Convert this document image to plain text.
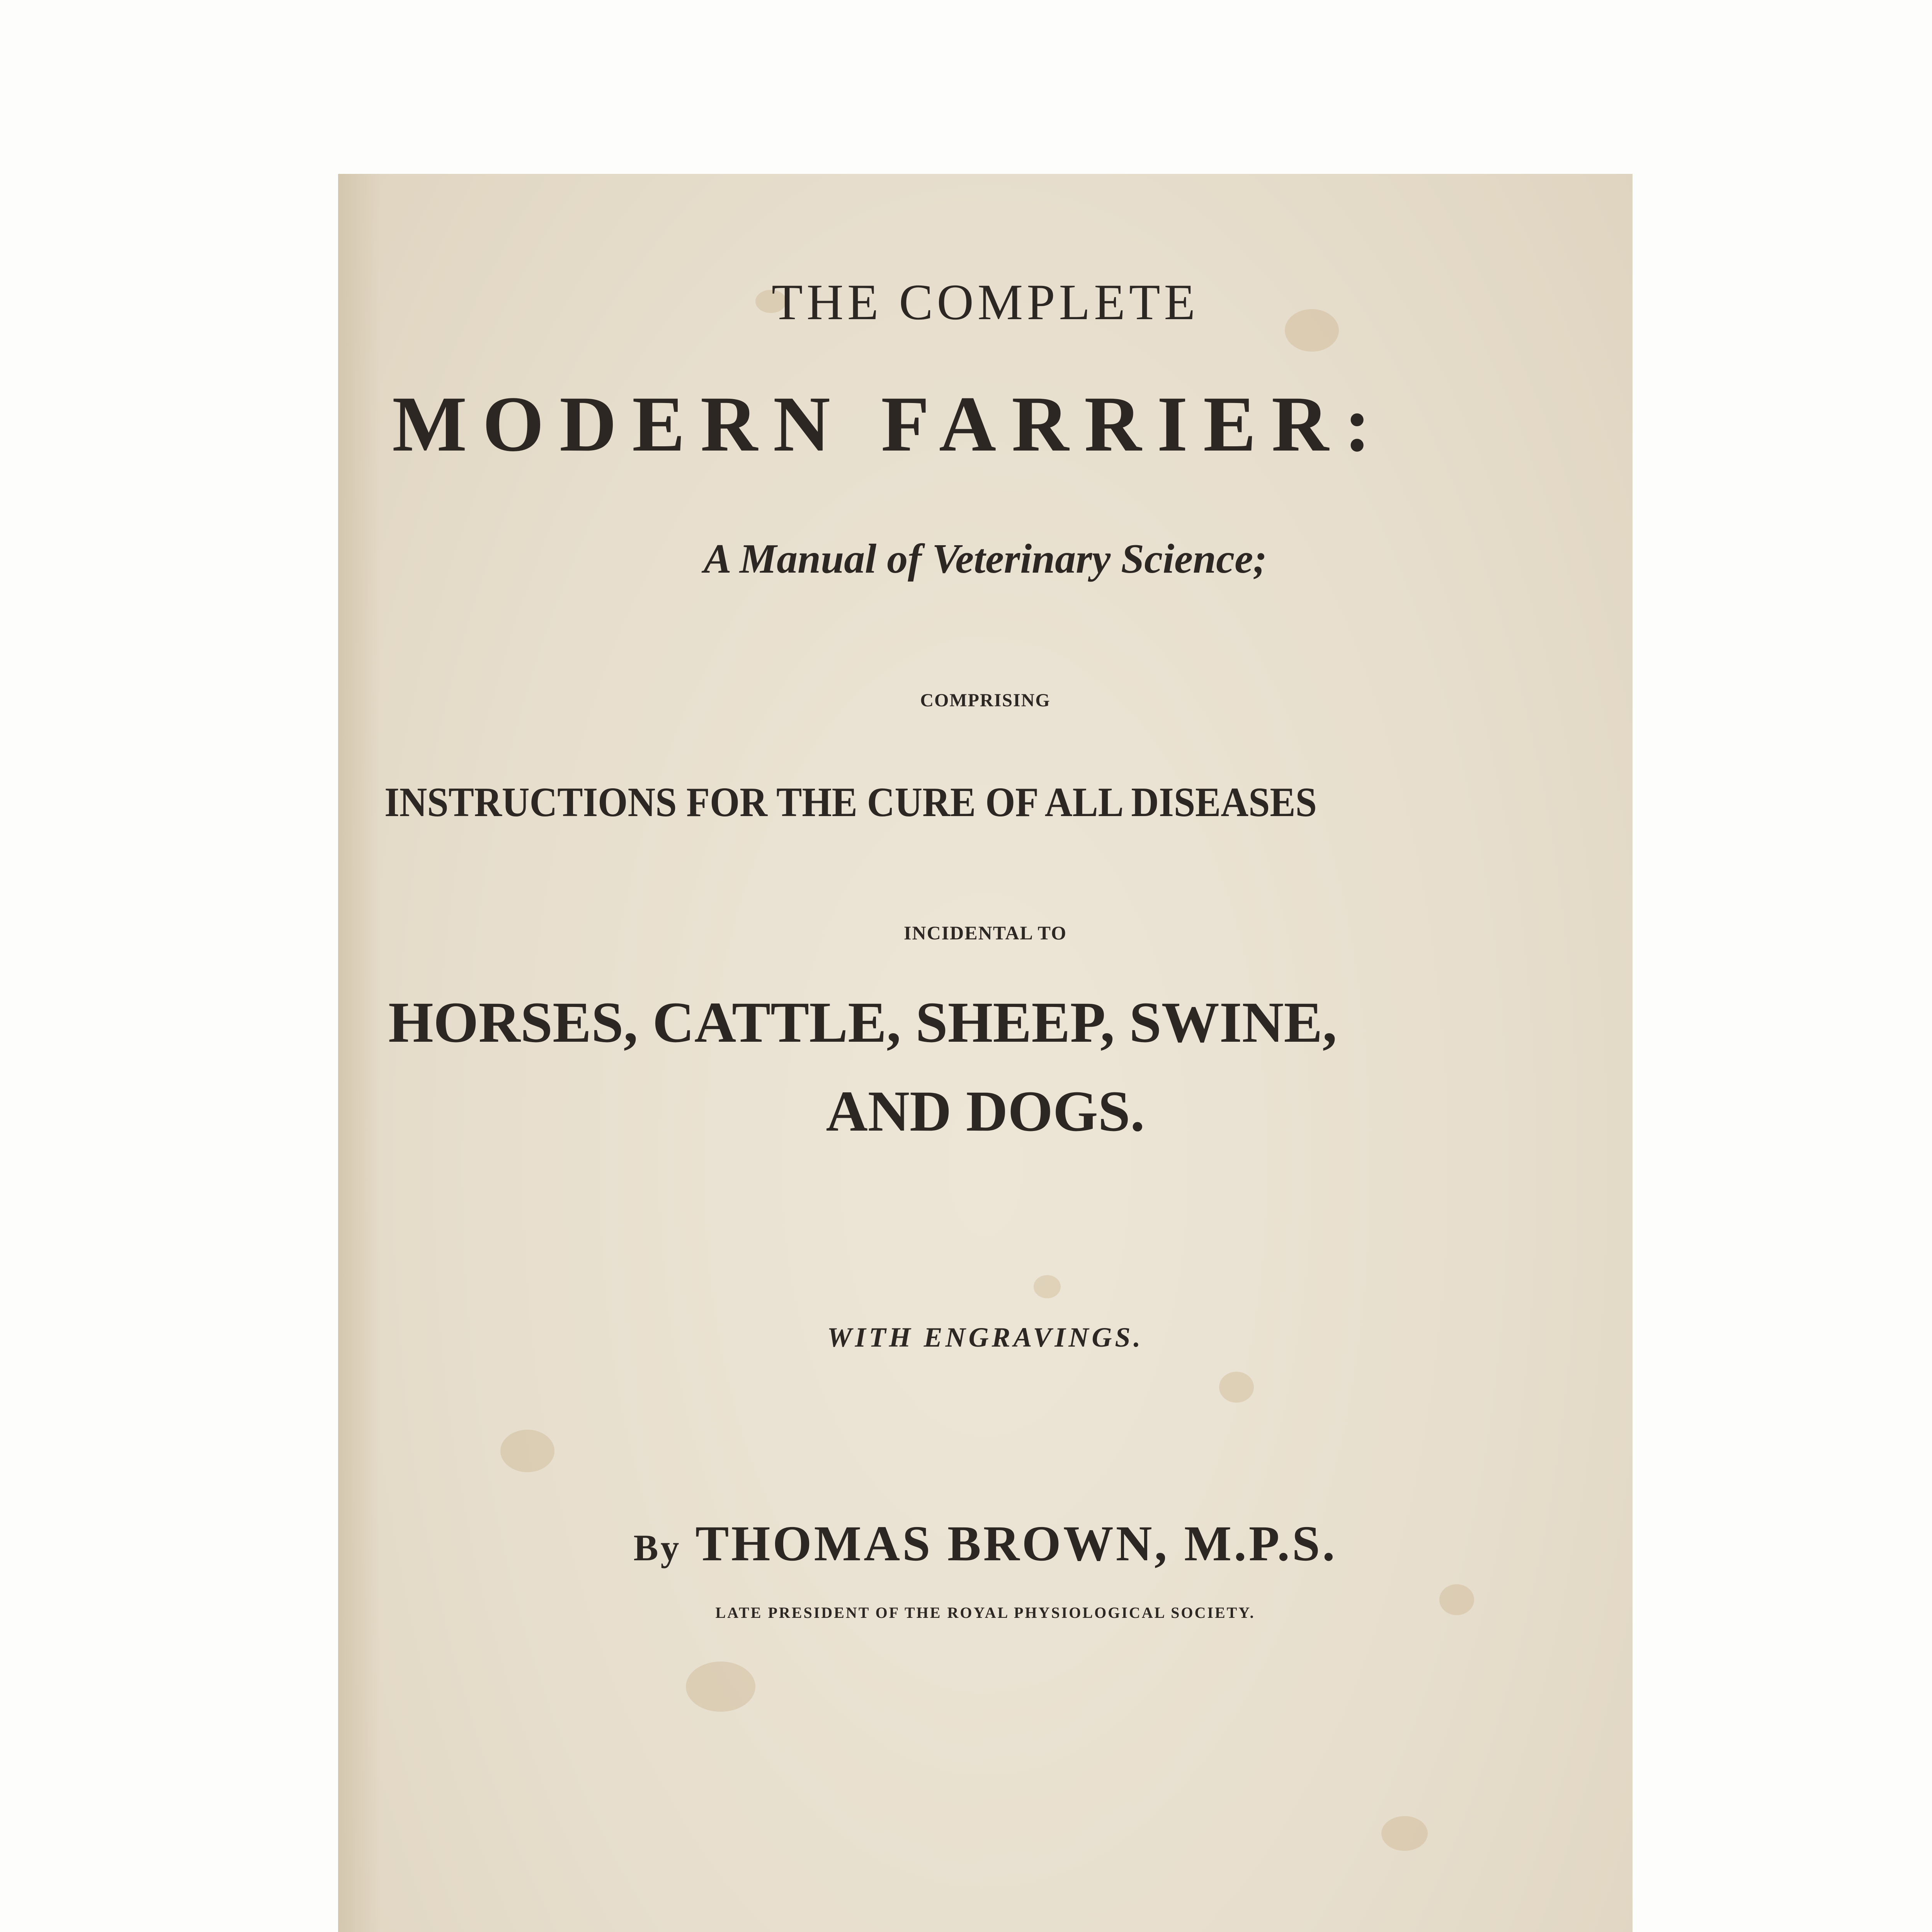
THE COMPLETE
MODERN FARRIER:
A Manual of Veterinary Science;
COMPRISING
INSTRUCTIONS FOR THE CURE OF ALL DISEASES
INCIDENTAL TO
HORSES, CATTLE, SHEEP, SWINE,
AND DOGS.
WITH ENGRAVINGS.
By THOMAS BROWN, M.P.S.
LATE PRESIDENT OF THE ROYAL PHYSIOLOGICAL SOCIETY.
